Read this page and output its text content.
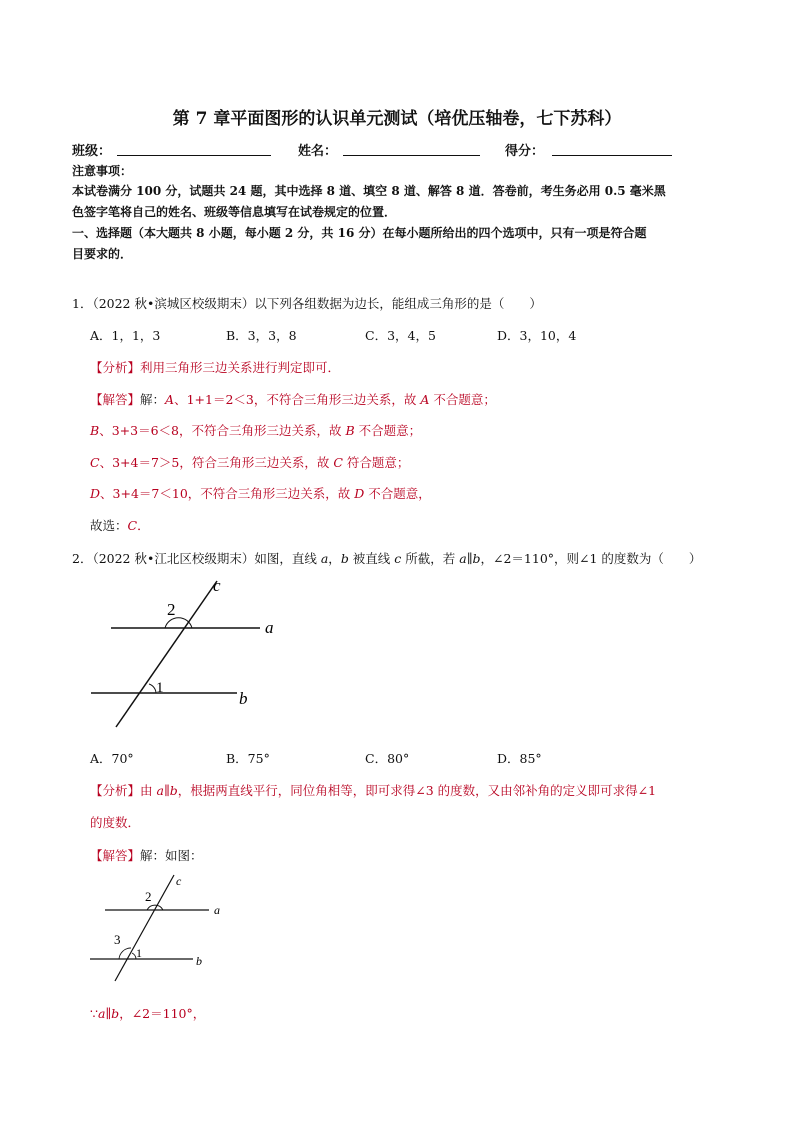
第 7 章平面图形的认识单元测试（培优压轴卷，七下苏科）
班级：	姓名：	得分：
注意事项：
本试卷满分 100 分，试题共 24 题，其中选择 8 道、填空 8 道、解答 8 道．答卷前，考生务必用 0.5 毫米黑
色签字笔将自己的姓名、班级等信息填写在试卷规定的位置．
一、选择题（本大题共 8 小题，每小题 2 分，共 16 分）在每小题所给出的四个选项中，只有一项是符合题
目要求的．
1．（2022 秋•滨城区校级期末）以下列各组数据为边长，能组成三角形的是（　　）
A．1，1，3	B．3，3，8	C．3，4，5	D．3，10，4
【分析】利用三角形三边关系进行判定即可．
【解答】解：A、1+1＝2＜3，不符合三角形三边关系，故 A 不合题意；
B、3+3＝6＜8，不符合三角形三边关系，故 B 不合题意；
C、3+4＝7＞5，符合三角形三边关系，故 C 符合题意；
D、3+4＝7＜10，不符合三角形三边关系，故 D 不合题意，
故选：C．
2．（2022 秋•江北区校级期末）如图，直线 a，b 被直线 c 所截，若 a∥b，∠2＝110°，则∠1 的度数为（　　）
c
a
b
2
1
A．70°	B．75°	C．80°	D．85°
【分析】由 a∥b，根据两直线平行，同位角相等，即可求得∠3 的度数，又由邻补角的定义即可求得∠1
的度数．
【解答】解：如图：
c
a
b
2
3
1
∵a∥b，∠2＝110°，
